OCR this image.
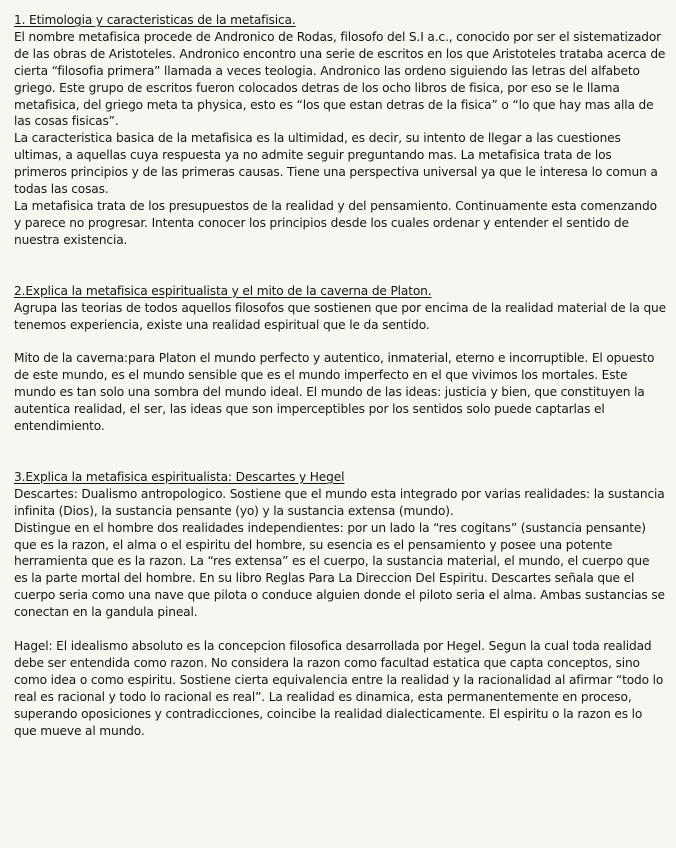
1. Etimologia y caracteristicas de la metafisica.

El nombre metafisica procede de Andronico de Rodas, filosofo del S.I a.c., conocido por ser el sistematizador de las obras de Aristoteles. Andronico encontro una serie de escritos en los que Aristoteles trataba acerca de cierta “filosofia primera” llamada a veces teologia. Andronico las ordeno siguiendo las letras del alfabeto griego. Este grupo de escritos fueron colocados detras de los ocho libros de fisica, por eso se le llama metafisica, del griego meta ta physica, esto es “los que estan detras de la fisica” o “lo que hay mas alla de las cosas fisicas”.

La caracteristica basica de la metafisica es la ultimidad, es decir, su intento de llegar a las cuestiones ultimas, a aquellas cuya respuesta ya no admite seguir preguntando mas. La metafisica trata de los primeros principios y de las primeras causas. Tiene una perspectiva universal ya que le interesa lo comun a todas las cosas.

La metafisica trata de los presupuestos de la realidad y del pensamiento. Continuamente esta comenzando y parece no progresar. Intenta conocer los principios desde los cuales ordenar y entender el sentido de nuestra existencia.

2.Explica la metafisica espiritualista y el mito de la caverna de Platon.

Agrupa las teorias de todos aquellos filosofos que sostienen que por encima de la realidad material de la que tenemos experiencia, existe una realidad espiritual que le da sentido.

Mito de la caverna:para Platon el mundo perfecto y autentico, inmaterial, eterno e incorruptible. El opuesto de este mundo, es el mundo sensible que es el mundo imperfecto en el que vivimos los mortales. Este mundo es tan solo una sombra del mundo ideal. El mundo de las ideas: justicia y bien, que constituyen la autentica realidad, el ser, las ideas que son imperceptibles por los sentidos solo puede captarlas el entendimiento.

3.Explica la metafisica espiritualista: Descartes y Hegel

Descartes: Dualismo antropologico. Sostiene que el mundo esta integrado por varias realidades: la sustancia infinita (Dios), la sustancia pensante (yo) y la sustancia extensa (mundo).

Distingue en el hombre dos realidades independientes: por un lado la “res cogitans” (sustancia pensante) que es la razon, el alma o el espiritu del hombre, su esencia es el pensamiento y posee una potente herramienta que es la razon. La “res extensa” es el cuerpo, la sustancia material, el mundo, el cuerpo que es la parte mortal del hombre. En su libro Reglas Para La Direccion Del Espiritu. Descartes señala que el cuerpo seria como una nave que pilota o conduce alguien donde el piloto seria el alma. Ambas sustancias se conectan en la gandula pineal.

Hagel: El idealismo absoluto es la concepcion filosofica desarrollada por Hegel. Segun la cual toda realidad debe ser entendida como razon. No considera la razon como facultad estatica que capta conceptos, sino como idea o como espiritu. Sostiene cierta equivalencia entre la realidad y la racionalidad al afirmar “todo lo real es racional y todo lo racional es real”. La realidad es dinamica, esta permanentemente en proceso, superando oposiciones y contradicciones, coincibe la realidad dialecticamente. El espiritu o la razon es lo que mueve al mundo.
